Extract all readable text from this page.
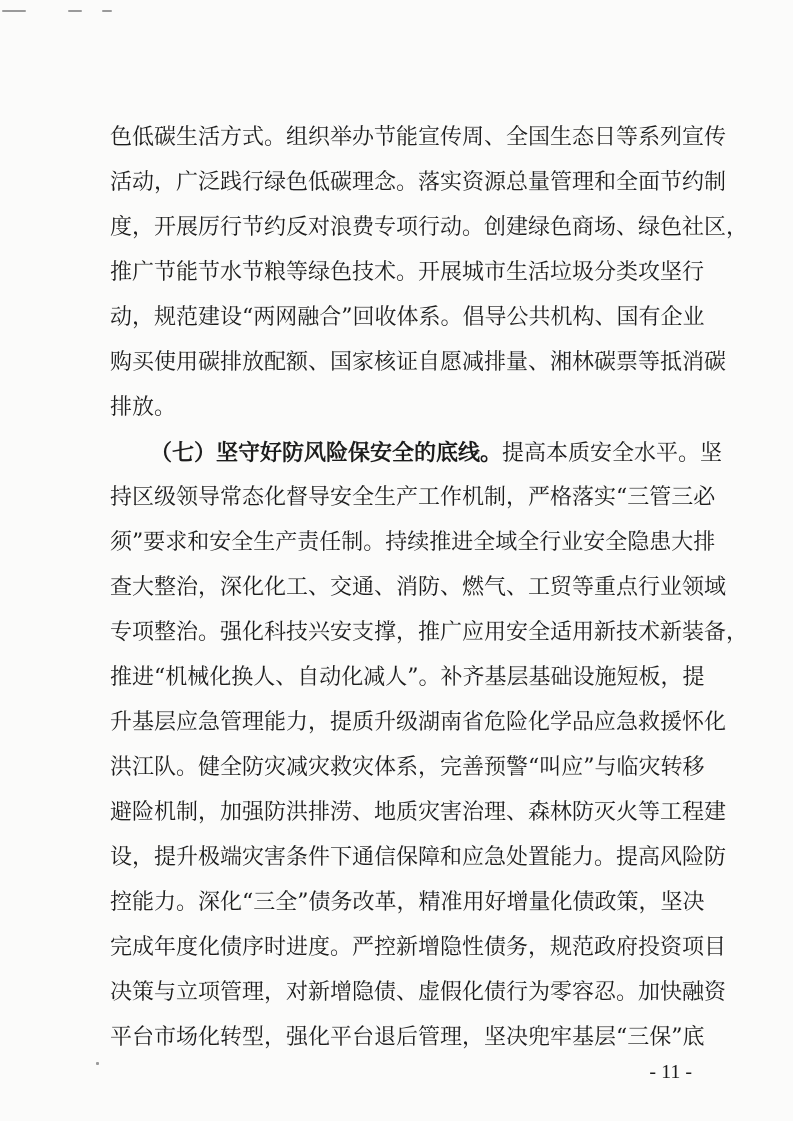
色低碳生活方式。组织举办节能宣传周、全国生态日等系列宣传
活动，广泛践行绿色低碳理念。落实资源总量管理和全面节约制
度，开展厉行节约反对浪费专项行动。创建绿色商场、绿色社区，
推广节能节水节粮等绿色技术。开展城市生活垃圾分类攻坚行
动，规范建设“两网融合”回收体系。倡导公共机构、国有企业
购买使用碳排放配额、国家核证自愿减排量、湘林碳票等抵消碳
排放。
（七）坚守好防风险保安全的底线。提高本质安全水平。坚
持区级领导常态化督导安全生产工作机制，严格落实“三管三必
须”要求和安全生产责任制。持续推进全域全行业安全隐患大排
查大整治，深化化工、交通、消防、燃气、工贸等重点行业领域
专项整治。强化科技兴安支撑，推广应用安全适用新技术新装备，
推进“机械化换人、自动化减人”。补齐基层基础设施短板，提
升基层应急管理能力，提质升级湖南省危险化学品应急救援怀化
洪江队。健全防灾减灾救灾体系，完善预警“叫应”与临灾转移
避险机制，加强防洪排涝、地质灾害治理、森林防灭火等工程建
设，提升极端灾害条件下通信保障和应急处置能力。提高风险防
控能力。深化“三全”债务改革，精准用好增量化债政策，坚决
完成年度化债序时进度。严控新增隐性债务，规范政府投资项目
决策与立项管理，对新增隐债、虚假化债行为零容忍。加快融资
平台市场化转型，强化平台退后管理，坚决兜牢基层“三保”底
- 11 -
